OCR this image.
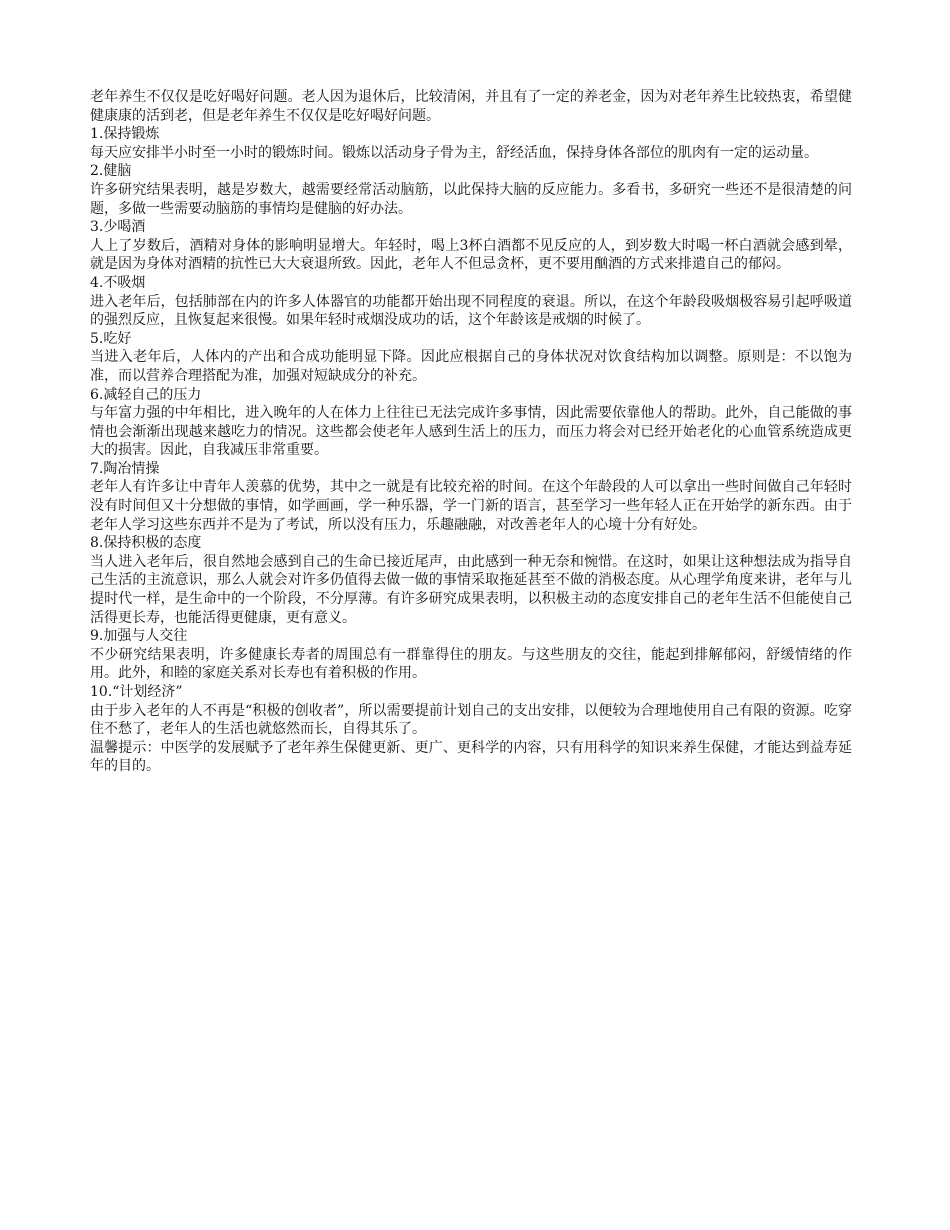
老年养生不仅仅是吃好喝好问题。老人因为退休后，比较清闲，并且有了一定的养老金，因为对老年养生比较热衷，希望健健康康的活到老，但是老年养生不仅仅是吃好喝好问题。

1.保持锻炼

每天应安排半小时至一小时的锻炼时间。锻炼以活动身子骨为主，舒经活血，保持身体各部位的肌肉有一定的运动量。

2.健脑

许多研究结果表明，越是岁数大，越需要经常活动脑筋，以此保持大脑的反应能力。多看书，多研究一些还不是很清楚的问题，多做一些需要动脑筋的事情均是健脑的好办法。

3.少喝酒

人上了岁数后，酒精对身体的影响明显增大。年轻时，喝上3杯白酒都不见反应的人，到岁数大时喝一杯白酒就会感到晕，就是因为身体对酒精的抗性已大大衰退所致。因此，老年人不但忌贪杯，更不要用酗酒的方式来排遣自己的郁闷。

4.不吸烟

进入老年后，包括肺部在内的许多人体器官的功能都开始出现不同程度的衰退。所以，在这个年龄段吸烟极容易引起呼吸道的强烈反应，且恢复起来很慢。如果年轻时戒烟没成功的话，这个年龄该是戒烟的时候了。

5.吃好

当进入老年后，人体内的产出和合成功能明显下降。因此应根据自己的身体状况对饮食结构加以调整。原则是：不以饱为准，而以营养合理搭配为准，加强对短缺成分的补充。

6.减轻自己的压力

与年富力强的中年相比，进入晚年的人在体力上往往已无法完成许多事情，因此需要依靠他人的帮助。此外，自己能做的事情也会渐渐出现越来越吃力的情况。这些都会使老年人感到生活上的压力，而压力将会对已经开始老化的心血管系统造成更大的损害。因此，自我减压非常重要。

7.陶冶情操

老年人有许多让中青年人羡慕的优势，其中之一就是有比较充裕的时间。在这个年龄段的人可以拿出一些时间做自己年轻时没有时间但又十分想做的事情，如学画画，学一种乐器，学一门新的语言，甚至学习一些年轻人正在开始学的新东西。由于老年人学习这些东西并不是为了考试，所以没有压力，乐趣融融，对改善老年人的心境十分有好处。

8.保持积极的态度

当人进入老年后，很自然地会感到自己的生命已接近尾声，由此感到一种无奈和惋惜。在这时，如果让这种想法成为指导自己生活的主流意识，那么人就会对许多仍值得去做一做的事情采取拖延甚至不做的消极态度。从心理学角度来讲，老年与儿提时代一样，是生命中的一个阶段，不分厚薄。有许多研究成果表明，以积极主动的态度安排自己的老年生活不但能使自己活得更长寿，也能活得更健康，更有意义。

9.加强与人交往

不少研究结果表明，许多健康长寿者的周围总有一群靠得住的朋友。与这些朋友的交往，能起到排解郁闷，舒缓情绪的作用。此外，和睦的家庭关系对长寿也有着积极的作用。

10.“计划经济”

由于步入老年的人不再是“积极的创收者”，所以需要提前计划自己的支出安排，以便较为合理地使用自己有限的资源。吃穿住不愁了，老年人的生活也就悠然而长，自得其乐了。

温馨提示：中医学的发展赋予了老年养生保健更新、更广、更科学的内容，只有用科学的知识来养生保健，才能达到益寿延年的目的。
